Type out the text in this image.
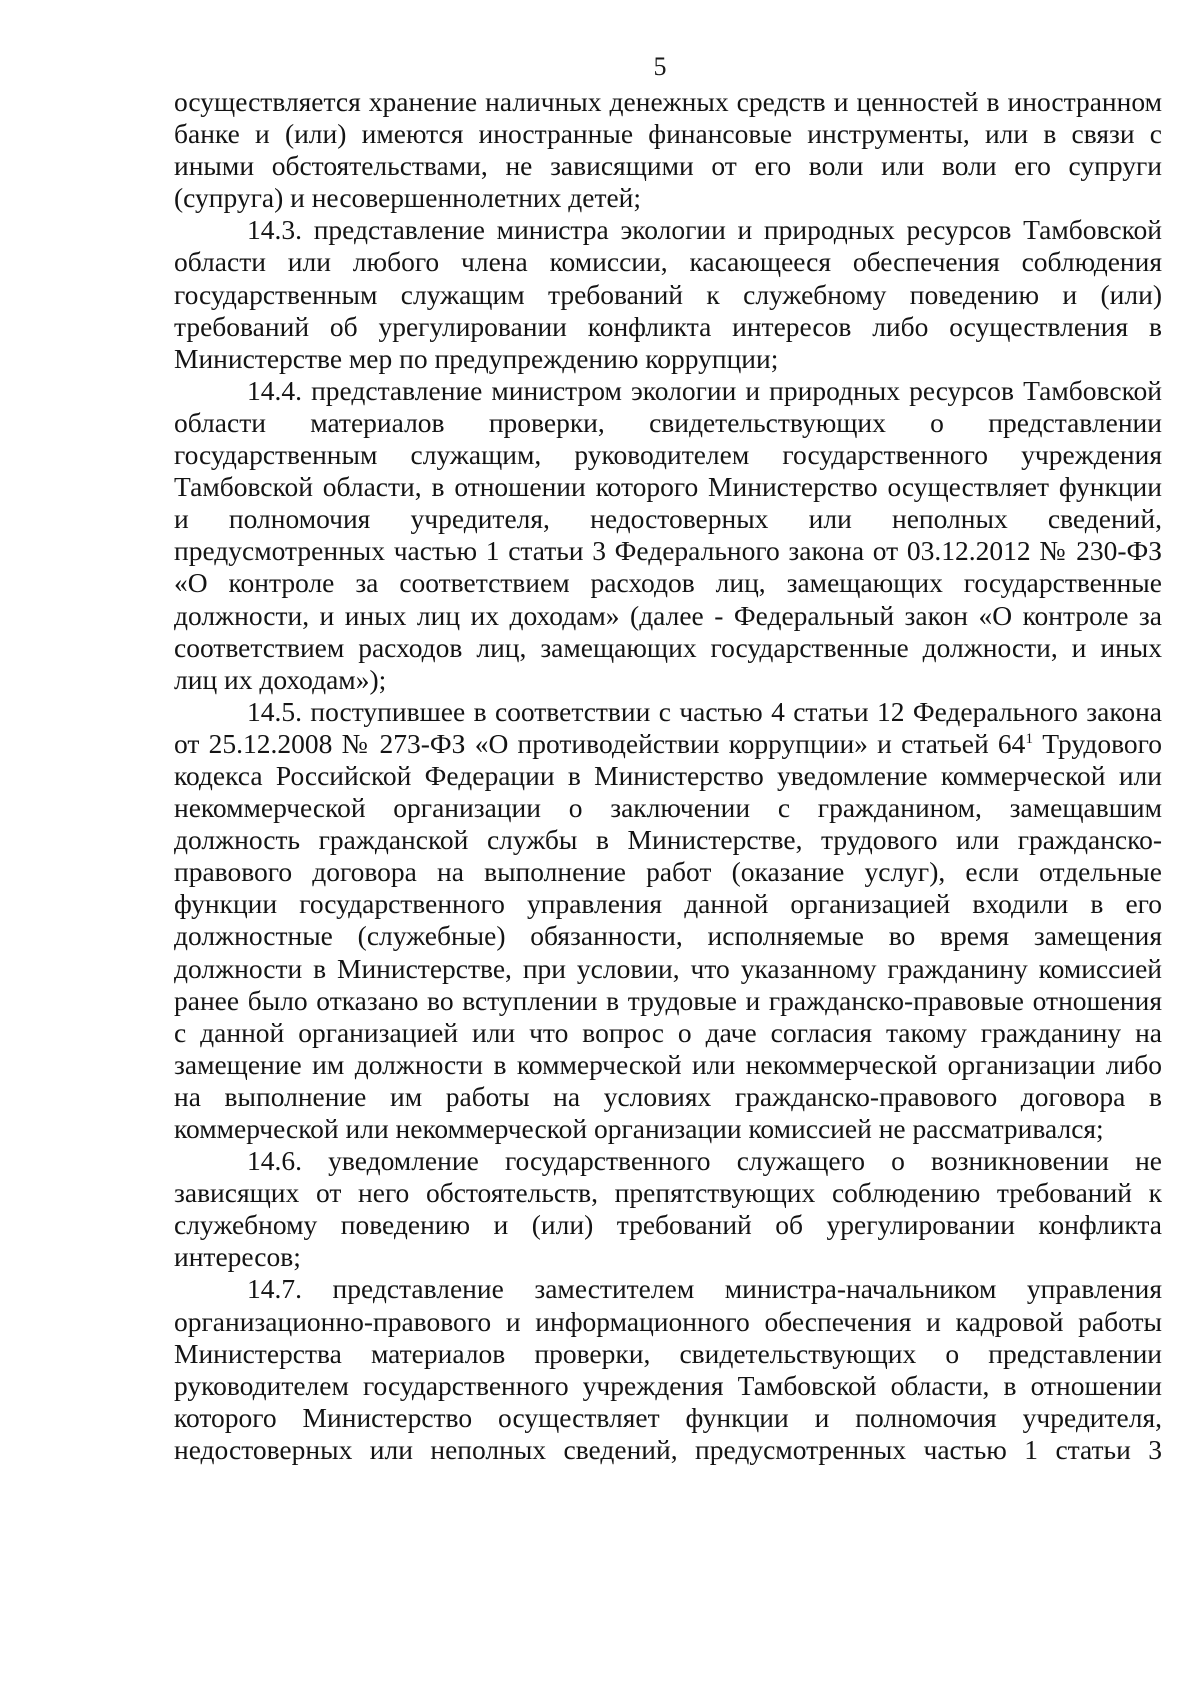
5

осуществляется хранение наличных денежных средств и ценностей в иностранном банке и (или) имеются иностранные финансовые инструменты, или в связи с иными обстоятельствами, не зависящими от его воли или воли его супруги (супруга) и несовершеннолетних детей;

14.3. представление министра экологии и природных ресурсов Тамбовской области или любого члена комиссии, касающееся обеспечения соблюдения государственным служащим требований к служебному поведению и (или) требований об урегулировании конфликта интересов либо осуществления в Министерстве мер по предупреждению коррупции;

14.4. представление министром экологии и природных ресурсов Тамбовской области материалов проверки, свидетельствующих о представлении государственным служащим, руководителем государственного учреждения Тамбовской области, в отношении которого Министерство осуществляет функции и полномочия учредителя, недостоверных или неполных сведений, предусмотренных частью 1 статьи 3 Федерального закона от 03.12.2012 № 230-ФЗ «О контроле за соответствием расходов лиц, замещающих государственные должности, и иных лиц их доходам» (далее - Федеральный закон «О контроле за соответствием расходов лиц, замещающих государственные должности, и иных лиц их доходам»);

14.5. поступившее в соответствии с частью 4 статьи 12 Федерального закона от 25.12.2008 № 273-ФЗ «О противодействии коррупции» и статьей $64^1$ Трудового кодекса Российской Федерации в Министерство уведомление коммерческой или некоммерческой организации о заключении с гражданином, замещавшим должность гражданской службы в Министерстве, трудового или гражданско-правового договора на выполнение работ (оказание услуг), если отдельные функции государственного управления данной организацией входили в его должностные (служебные) обязанности, исполняемые во время замещения должности в Министерстве, при условии, что указанному гражданину комиссией ранее было отказано во вступлении в трудовые и гражданско-правовые отношения с данной организацией или что вопрос о даче согласия такому гражданину на замещение им должности в коммерческой или некоммерческой организации либо на выполнение им работы на условиях гражданско-правового договора в коммерческой или некоммерческой организации комиссией не рассматривался;

14.6. уведомление государственного служащего о возникновении не зависящих от него обстоятельств, препятствующих соблюдению требований к служебному поведению и (или) требований об урегулировании конфликта интересов;

14.7. представление заместителем министра-начальником управления организационно-правового и информационного обеспечения и кадровой работы Министерства материалов проверки, свидетельствующих о представлении руководителем государственного учреждения Тамбовской области, в отношении которого Министерство осуществляет функции и полномочия учредителя, недостоверных или неполных сведений, предусмотренных частью 1 статьи 3
